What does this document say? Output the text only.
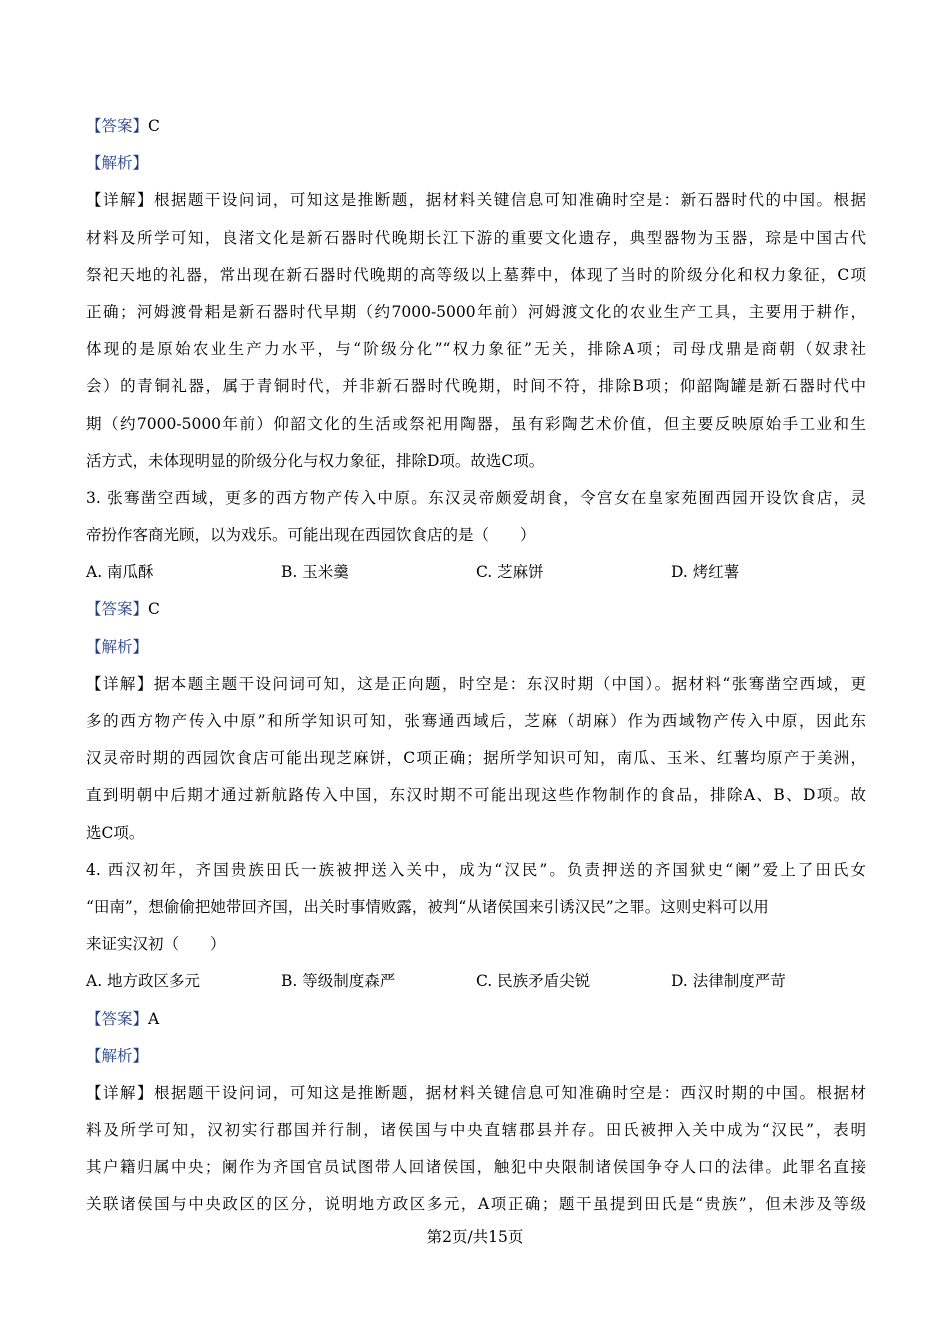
【答案】C
【解析】
【详解】根据题干设问词，可知这是推断题，据材料关键信息可知准确时空是：新石器时代的中国。根据
材料及所学可知，良渚文化是新石器时代晚期长江下游的重要文化遗存，典型器物为玉器，琮是中国古代
祭祀天地的礼器，常出现在新石器时代晚期的高等级以上墓葬中，体现了当时的阶级分化和权力象征，C项
正确；河姆渡骨耜是新石器时代早期（约7000-5000年前）河姆渡文化的农业生产工具，主要用于耕作，
体现的是原始农业生产力水平，与“阶级分化”“权力象征”无关，排除A项；司母戊鼎是商朝（奴隶社
会）的青铜礼器，属于青铜时代，并非新石器时代晚期，时间不符，排除B项；仰韶陶罐是新石器时代中
期（约7000-5000年前）仰韶文化的生活或祭祀用陶器，虽有彩陶艺术价值，但主要反映原始手工业和生
活方式，未体现明显的阶级分化与权力象征，排除D项。故选C项。
3. 张骞凿空西域，更多的西方物产传入中原。东汉灵帝颇爱胡食，令宫女在皇家苑囿西园开设饮食店，灵
帝扮作客商光顾，以为戏乐。可能出现在西园饮食店的是（　　）
A. 南瓜酥	B. 玉米羹	C. 芝麻饼	D. 烤红薯
【答案】C
【解析】
【详解】据本题主题干设问词可知，这是正向题，时空是：东汉时期（中国）。据材料“张骞凿空西域，更
多的西方物产传入中原”和所学知识可知，张骞通西域后，芝麻（胡麻）作为西域物产传入中原，因此东
汉灵帝时期的西园饮食店可能出现芝麻饼，C项正确；据所学知识可知，南瓜、玉米、红薯均原产于美洲，
直到明朝中后期才通过新航路传入中国，东汉时期不可能出现这些作物制作的食品，排除A、B、D项。故
选C项。
4. 西汉初年，齐国贵族田氏一族被押送入关中，成为“汉民”。负责押送的齐国狱史“阑”爱上了田氏女
“田南”，想偷偷把她带回齐国，出关时事情败露，被判“从诸侯国来引诱汉民”之罪。这则史料可以用
来证实汉初（　　）
A. 地方政区多元	B. 等级制度森严	C. 民族矛盾尖锐	D. 法律制度严苛
【答案】A
【解析】
【详解】根据题干设问词，可知这是推断题，据材料关键信息可知准确时空是：西汉时期的中国。根据材
料及所学可知，汉初实行郡国并行制，诸侯国与中央直辖郡县并存。田氏被押入关中成为“汉民”，表明
其户籍归属中央；阑作为齐国官员试图带人回诸侯国，触犯中央限制诸侯国争夺人口的法律。此罪名直接
关联诸侯国与中央政区的区分，说明地方政区多元，A项正确；题干虽提到田氏是“贵族”，但未涉及等级
第2页/共15页
